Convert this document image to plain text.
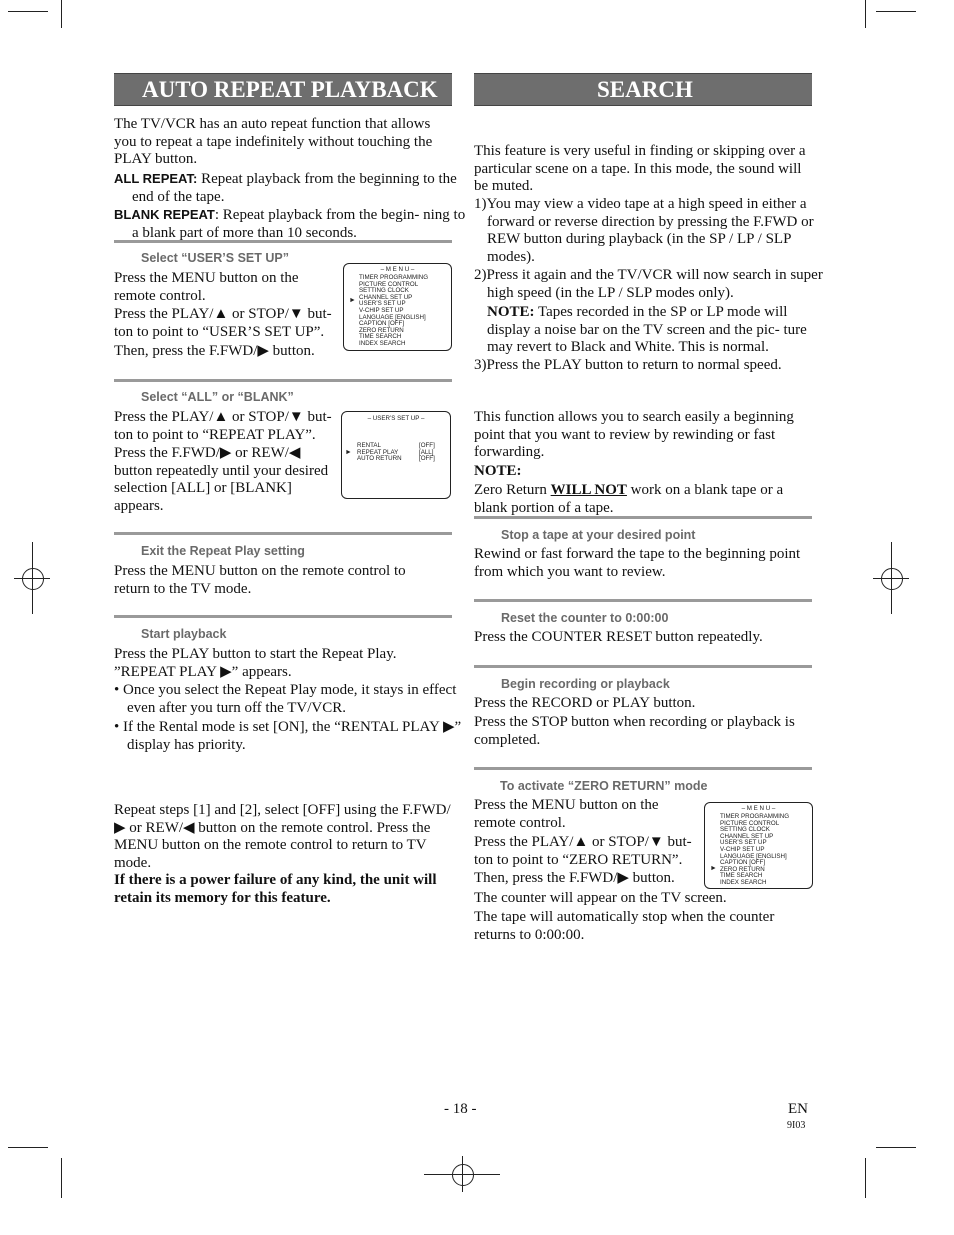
AUTO REPEAT PLAYBACK
The TV/VCR has an auto repeat function that allows you to repeat a tape indefinitely without touching the PLAY button.
ALL REPEAT: Repeat playback from the beginning to the end of the tape.
BLANK REPEAT: Repeat playback from the begin- ning to a blank part of more than 10 seconds.
Select “USER’S SET UP”
Press the MENU button on the remote control.
Press the PLAY/▲ or STOP/▼ but- ton to point to “USER’S SET UP”.
Then, press the F.FWD/▶ button.
– M E N U –
►
TIMER PROGRAMMING
PICTURE CONTROL
SETTING CLOCK
CHANNEL SET UP
USER’S SET UP
V-CHIP SET UP
LANGUAGE [ENGLISH]
CAPTION [OFF]
ZERO RETURN
TIME SEARCH
INDEX SEARCH
Select “ALL” or “BLANK”
Press the PLAY/▲ or STOP/▼ but- ton to point to “REPEAT PLAY”.
Press the F.FWD/▶ or REW/◀ button repeatedly until your desired selection [ALL] or [BLANK] appears.
– USER’S SET UP –
►
RENTAL
REPEAT PLAY
AUTO RETURN
[OFF]
[ALL]
[OFF]
Exit the Repeat Play setting
Press the MENU button on the remote control to return to the TV mode.
Start playback
Press the PLAY button to start the Repeat Play. ”REPEAT PLAY ▶” appears.
• Once you select the Repeat Play mode, it stays in effect even after you turn off the TV/VCR.
• If the Rental mode is set [ON], the “RENTAL PLAY ▶” display has priority.
Repeat steps [1] and [2], select [OFF] using the F.FWD/▶ or REW/◀ button on the remote control. Press the MENU button on the remote control to return to TV mode.
If there is a power failure of any kind, the unit will retain its memory for this feature.
SEARCH
This feature is very useful in finding or skipping over a particular scene on a tape. In this mode, the sound will be muted.
1)You may view a video tape at a high speed in either a forward or reverse direction by pressing the F.FWD or REW button during playback (in the SP / LP / SLP modes).
2)Press it again and the TV/VCR will now search in super high speed (in the LP / SLP modes only).
NOTE: Tapes recorded in the SP or LP mode will display a noise bar on the TV screen and the pic- ture may revert to Black and White. This is normal.
3)Press the PLAY button to return to normal speed.
This function allows you to search easily a beginning point that you want to review by rewinding or fast forwarding.
NOTE:
Zero Return WILL NOT work on a blank tape or a blank portion of a tape.
Stop a tape at your desired point
Rewind or fast forward the tape to the beginning point from which you want to review.
Reset the counter to 0:00:00
Press the COUNTER RESET button repeatedly.
Begin recording or playback
Press the RECORD or PLAY button.
Press the STOP button when recording or playback is completed.
To activate “ZERO RETURN” mode
Press the MENU button on the remote control.
Press the PLAY/▲ or STOP/▼ but- ton to point to “ZERO RETURN”.
Then, press the F.FWD/▶ button.
The counter will appear on the TV screen.
The tape will automatically stop when the counter returns to 0:00:00.
– M E N U –
►
TIMER PROGRAMMING
PICTURE CONTROL
SETTING CLOCK
CHANNEL SET UP
USER’S SET UP
V-CHIP SET UP
LANGUAGE [ENGLISH]
CAPTION [OFF]
ZERO RETURN
TIME SEARCH
INDEX SEARCH
- 18 -	EN
9I03
